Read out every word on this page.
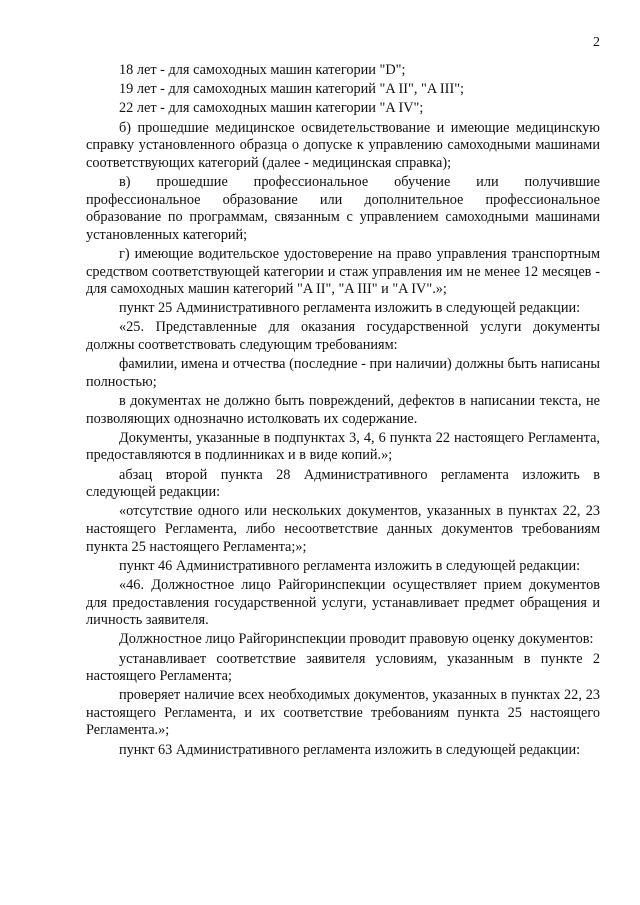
2

18 лет - для самоходных машин категории "D";

19 лет - для самоходных машин категорий "A II", "A III";

22 лет - для самоходных машин категории "A IV";

б) прошедшие медицинское освидетельствование и имеющие медицинскую справку установленного образца о допуске к управлению самоходными машинами соответствующих категорий (далее - медицинская справка);

в) прошедшие профессиональное обучение или получившие профессиональное образование или дополнительное профессиональное образование по программам, связанным с управлением самоходными машинами установленных категорий;

г) имеющие водительское удостоверение на право управления транспортным средством соответствующей категории и стаж управления им не менее 12 месяцев - для самоходных машин категорий "A II", "A III" и "A IV".»;

пункт 25 Административного регламента изложить в следующей редакции:

«25. Представленные для оказания государственной услуги документы должны соответствовать следующим требованиям:

фамилии, имена и отчества (последние - при наличии) должны быть написаны полностью;

в документах не должно быть повреждений, дефектов в написании текста, не позволяющих однозначно истолковать их содержание.

Документы, указанные в подпунктах 3, 4, 6 пункта 22 настоящего Регламента, предоставляются в подлинниках и в виде копий.»;

абзац второй пункта 28 Административного регламента изложить в следующей редакции:

«отсутствие одного или нескольких документов, указанных в пунктах 22, 23 настоящего Регламента, либо несоответствие данных документов требованиям пункта 25 настоящего Регламента;»;

пункт 46 Административного регламента изложить в следующей редакции:

«46. Должностное лицо Райгоринспекции осуществляет прием документов для предоставления государственной услуги, устанавливает предмет обращения и личность заявителя.

Должностное лицо Райгоринспекции проводит правовую оценку документов:

устанавливает соответствие заявителя условиям, указанным в пункте 2 настоящего Регламента;

проверяет наличие всех необходимых документов, указанных в пунктах 22, 23 настоящего Регламента, и их соответствие требованиям пункта 25 настоящего Регламента.»;

пункт 63 Административного регламента изложить в следующей редакции:
